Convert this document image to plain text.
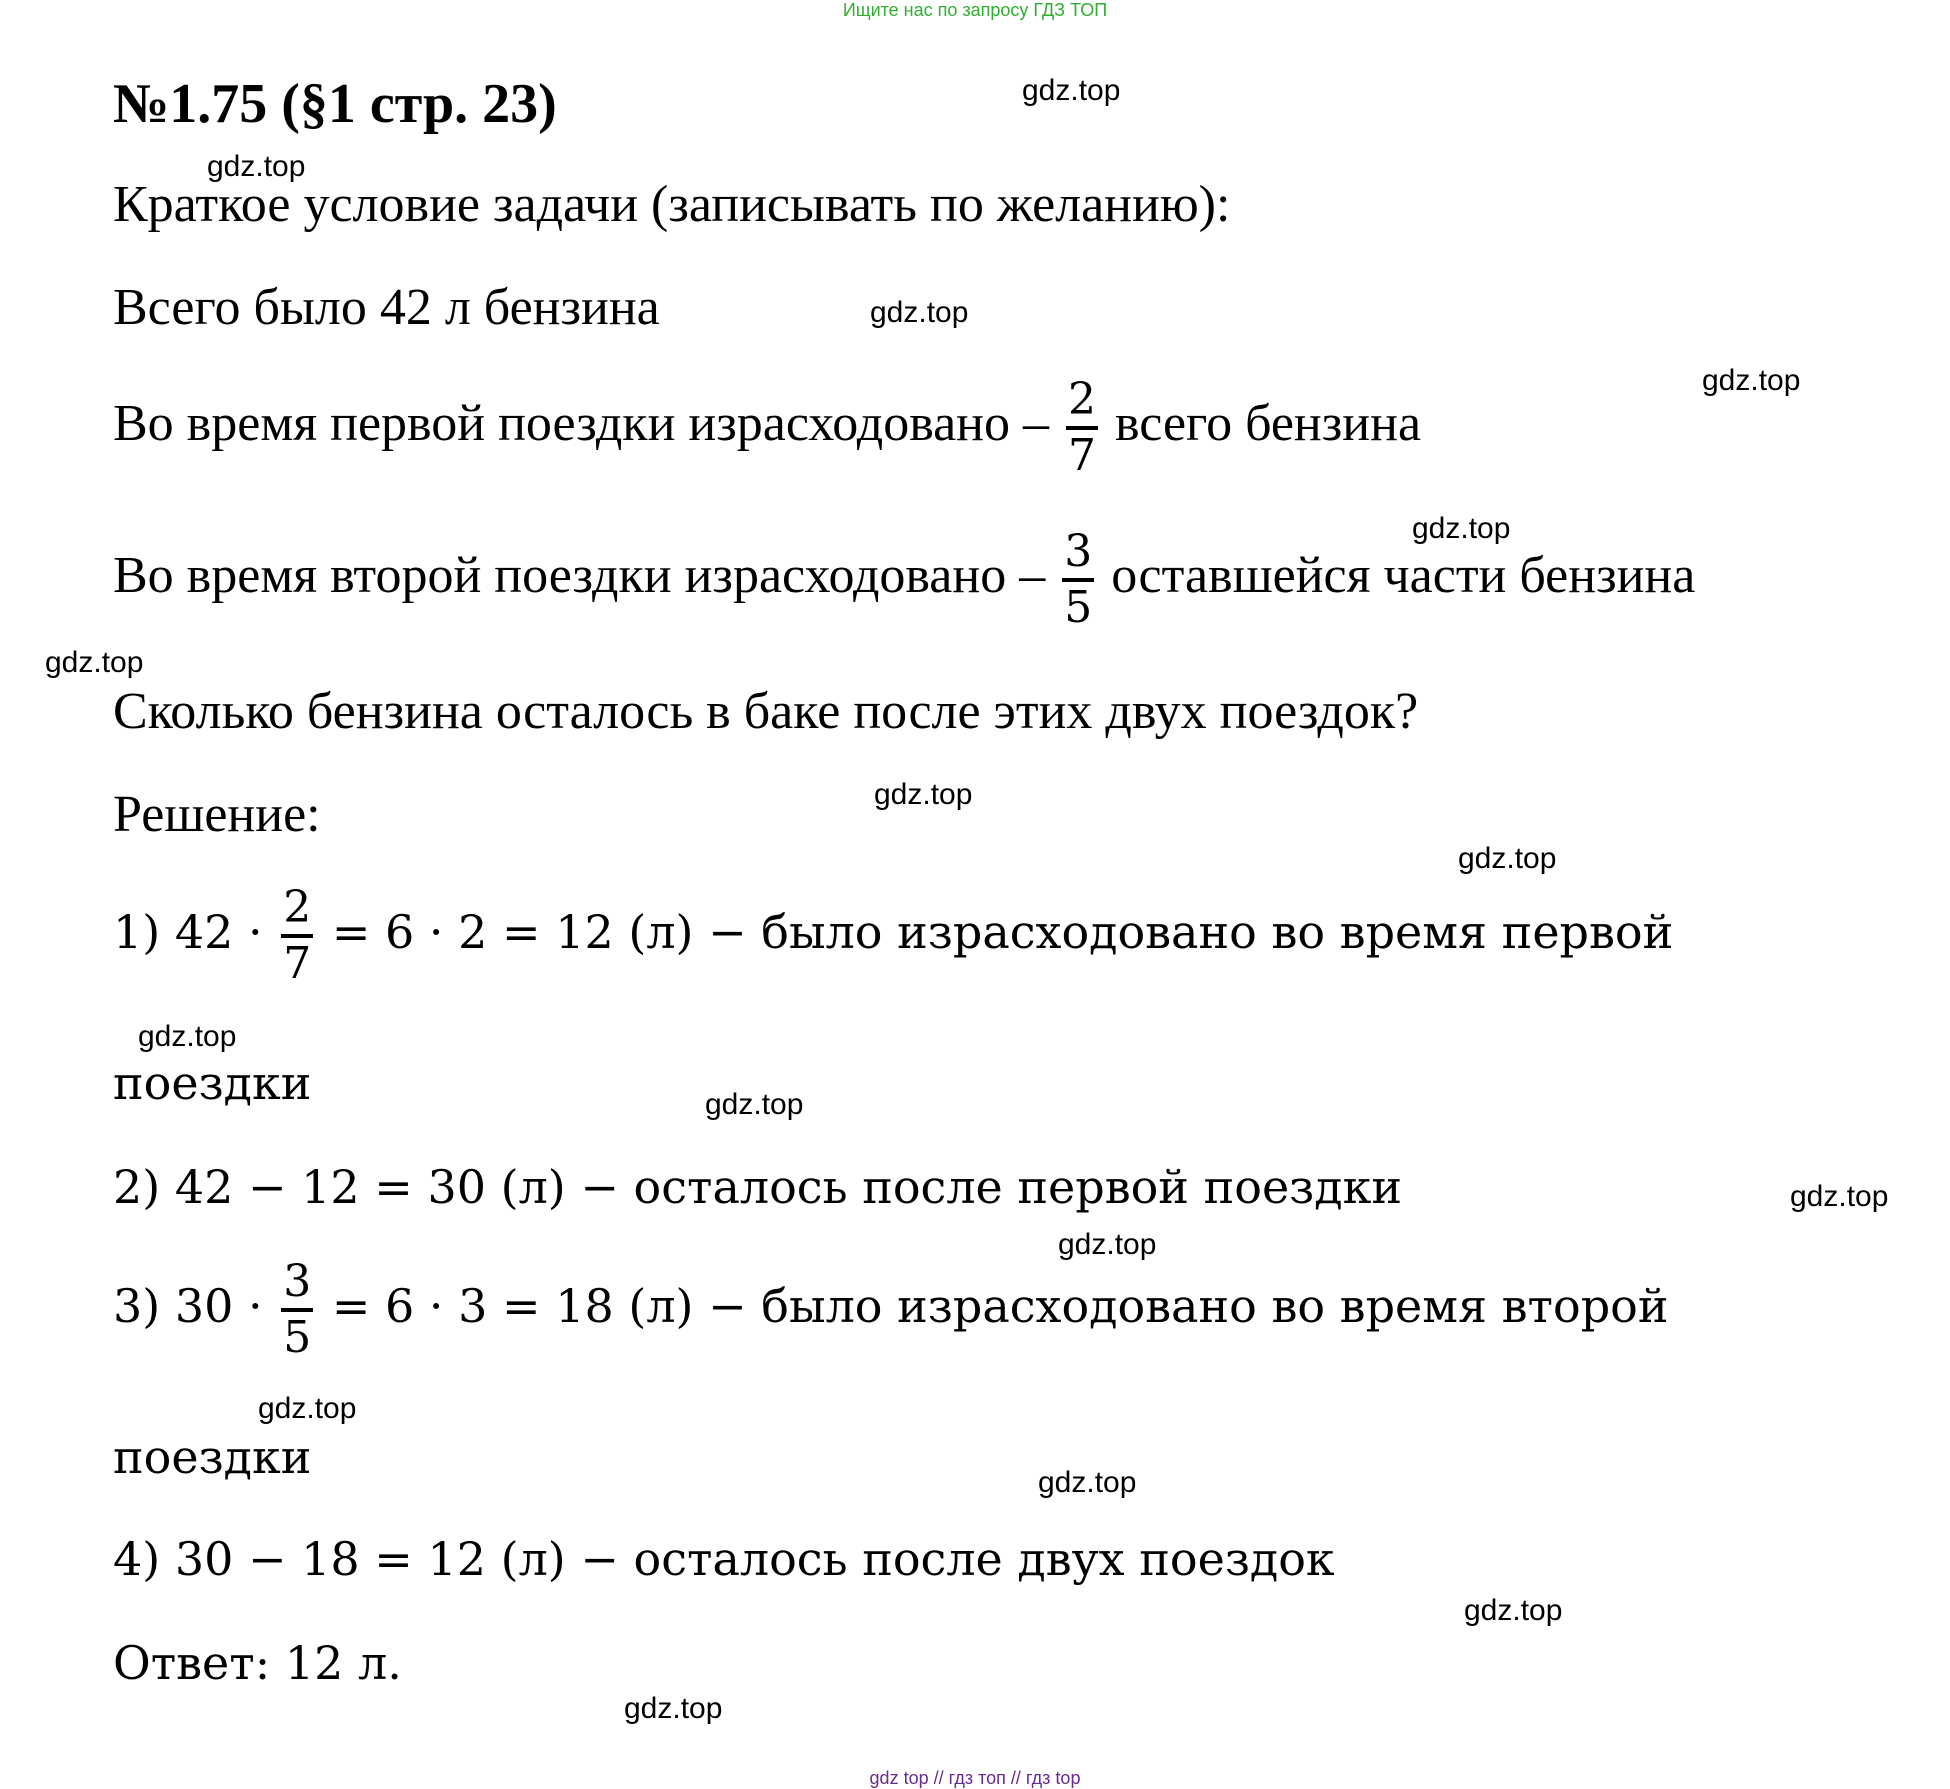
Ищите нас по запросу ГДЗ ТОП
№1.75 (§1 стр. 23)
Краткое условие задачи (записывать по желанию):
Всего было 42 л бензина
Во время первой поездки израсходовано – $\frac{2}{7}$ всего бензина
Во время второй поездки израсходовано – $\frac{3}{5}$ оставшейся части бензина
Сколько бензина осталось в баке после этих двух поездок?
Решение:
1) $42 \cdot \frac{2}{7} = 6 \cdot 2 = 12$ (л) − было израсходовано во время первой
поездки
2) 42 − 12 = 30 (л) − осталось после первой поездки
3) $30 \cdot \frac{3}{5} = 6 \cdot 3 = 18$ (л) − было израсходовано во время второй
поездки
4) 30 − 18 = 12 (л) − осталось после двух поездок
Ответ: 12 л.
gdz.top
gdz.top
gdz.top
gdz.top
gdz.top
gdz.top
gdz.top
gdz.top
gdz.top
gdz.top
gdz.top
gdz.top
gdz.top
gdz.top
gdz.top
gdz.top
gdz top // гдз топ // гдз top
